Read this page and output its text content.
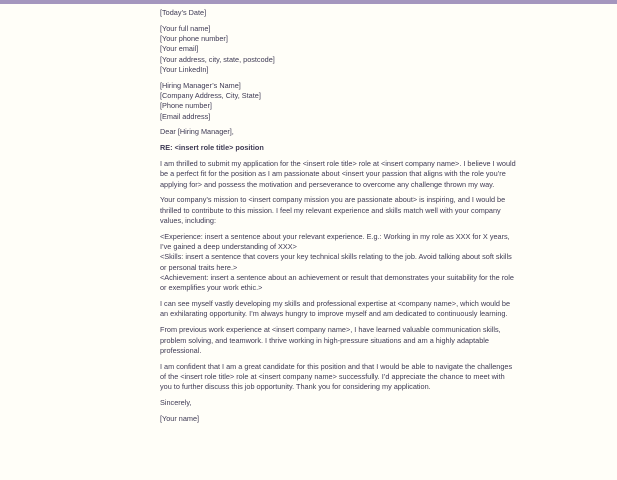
[Today’s Date]
[Your full name]
[Your phone number]
[Your email]
[Your address, city, state, postcode]
[Your LinkedIn]
[Hiring Manager’s Name]
[Company Address, City, State]
[Phone number]
[Email address]
Dear [Hiring Manager],
RE: <insert role title> position
I am thrilled to submit my application for the <insert role title> role at <insert company name>. I believe I would be a perfect fit for the position as I am passionate about <insert your passion that aligns with the role you’re applying for> and possess the motivation and perseverance to overcome any challenge thrown my way.
Your company’s mission to <insert company mission you are passionate about> is inspiring, and I would be thrilled to contribute to this mission. I feel my relevant experience and skills match well with your company values, including:
<Experience: insert a sentence about your relevant experience. E.g.: Working in my role as XXX for X years, I’ve gained a deep understanding of XXX>
<Skills: insert a sentence that covers your key technical skills relating to the job. Avoid talking about soft skills or personal traits here.>
<Achievement: insert a sentence about an achievement or result that demonstrates your suitability for the role or exemplifies your work ethic.>
I can see myself vastly developing my skills and professional expertise at <company name>, which would be an exhilarating opportunity. I’m always hungry to improve myself and am dedicated to continuously learning.
From previous work experience at <insert company name>, I have learned valuable communication skills, problem solving, and teamwork. I thrive working in high-pressure situations and am a highly adaptable professional.
I am confident that I am a great candidate for this position and that I would be able to navigate the challenges of the <insert role title> role at <insert company name> successfully. I’d appreciate the chance to meet with you to further discuss this job opportunity. Thank you for considering my application.
Sincerely,
[Your name]
